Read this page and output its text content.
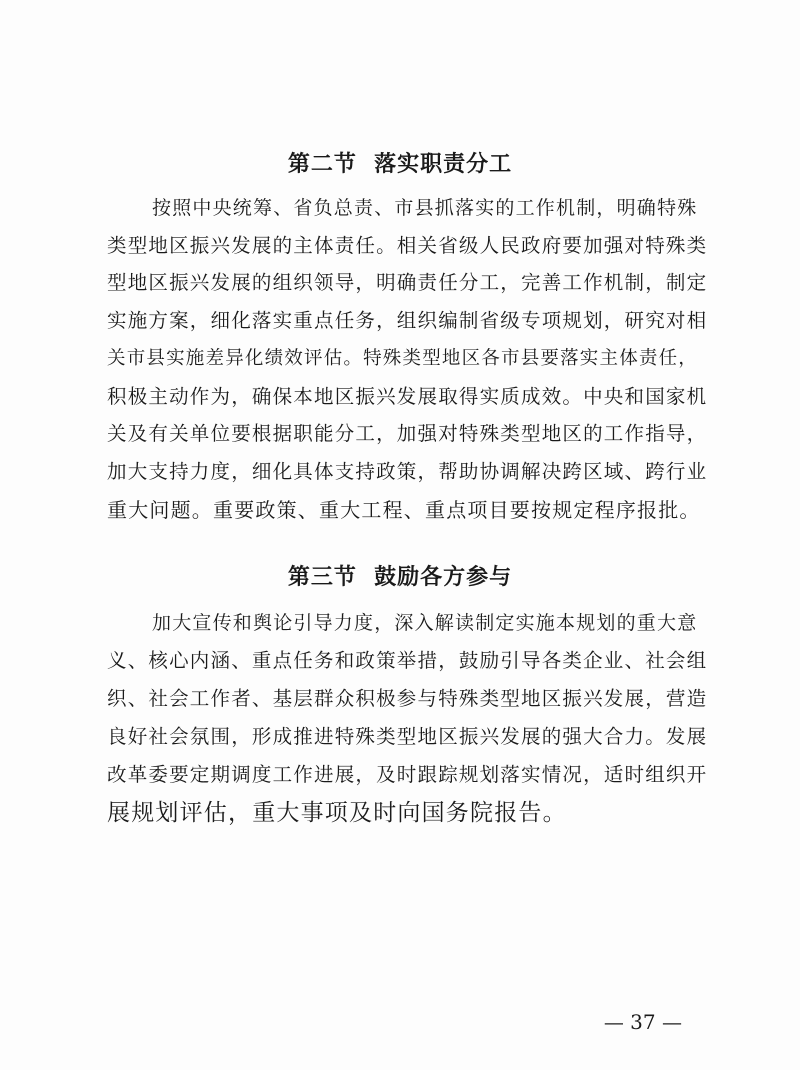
第二节  落实职责分工
按照中央统筹、省负总责、市县抓落实的工作机制，明确特殊
类型地区振兴发展的主体责任。相关省级人民政府要加强对特殊类
型地区振兴发展的组织领导，明确责任分工，完善工作机制，制定
实施方案，细化落实重点任务，组织编制省级专项规划，研究对相
关市县实施差异化绩效评估。特殊类型地区各市县要落实主体责任，
积极主动作为，确保本地区振兴发展取得实质成效。中央和国家机
关及有关单位要根据职能分工，加强对特殊类型地区的工作指导，
加大支持力度，细化具体支持政策，帮助协调解决跨区域、跨行业
重大问题。重要政策、重大工程、重点项目要按规定程序报批。
第三节  鼓励各方参与
加大宣传和舆论引导力度，深入解读制定实施本规划的重大意
义、核心内涵、重点任务和政策举措，鼓励引导各类企业、社会组
织、社会工作者、基层群众积极参与特殊类型地区振兴发展，营造
良好社会氛围，形成推进特殊类型地区振兴发展的强大合力。发展
改革委要定期调度工作进展，及时跟踪规划落实情况，适时组织开
展规划评估，重大事项及时向国务院报告。
— 37 —
